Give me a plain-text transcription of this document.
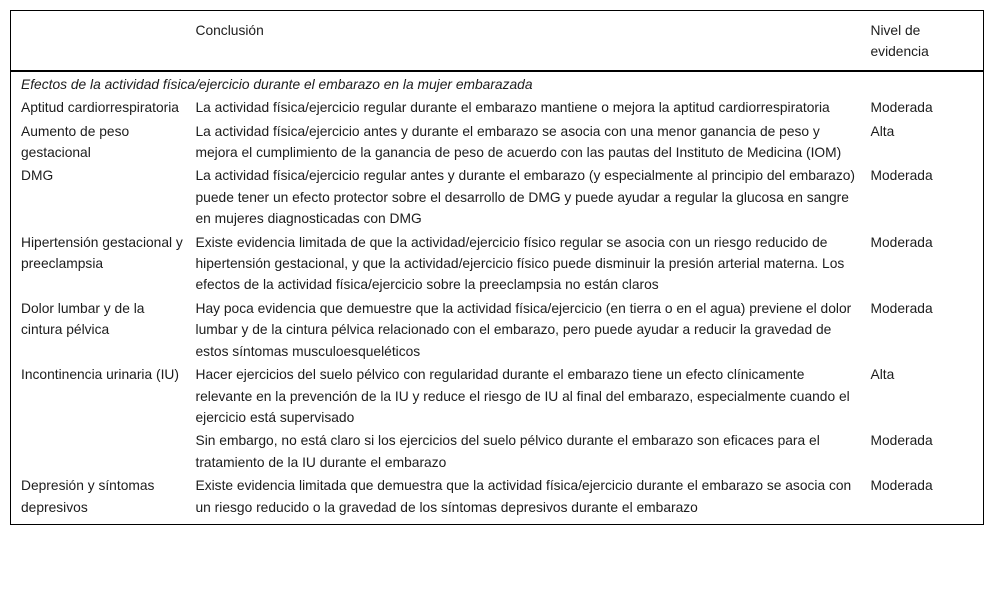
	Conclusión	Nivel de evidencia
Efectos de la actividad física/ejercicio durante el embarazo en la mujer embarazada		
Aptitud cardiorrespiratoria	La actividad física/ejercicio regular durante el embarazo mantiene o mejora la aptitud cardiorrespiratoria	Moderada
Aumento de peso gestacional	La actividad física/ejercicio antes y durante el embarazo se asocia con una menor ganancia de peso y mejora el cumplimiento de la ganancia de peso de acuerdo con las pautas del Instituto de Medicina (IOM)	Alta
DMG	La actividad física/ejercicio regular antes y durante el embarazo (y especialmente al principio del embarazo) puede tener un efecto protector sobre el desarrollo de DMG y puede ayudar a regular la glucosa en sangre en mujeres diagnosticadas con DMG	Moderada
Hipertensión gestacional y preeclampsia	Existe evidencia limitada de que la actividad/ejercicio físico regular se asocia con un riesgo reducido de hipertensión gestacional, y que la actividad/ejercicio físico puede disminuir la presión arterial materna. Los efectos de la actividad física/ejercicio sobre la preeclampsia no están claros	Moderada
Dolor lumbar y de la cintura pélvica	Hay poca evidencia que demuestre que la actividad física/ejercicio (en tierra o en el agua) previene el dolor lumbar y de la cintura pélvica relacionado con el embarazo, pero puede ayudar a reducir la gravedad de estos síntomas musculoesqueléticos	Moderada
Incontinencia urinaria (IU)	Hacer ejercicios del suelo pélvico con regularidad durante el embarazo tiene un efecto clínicamente relevante en la prevención de la IU y reduce el riesgo de IU al final del embarazo, especialmente cuando el ejercicio está supervisado	Alta
	Sin embargo, no está claro si los ejercicios del suelo pélvico durante el embarazo son eficaces para el tratamiento de la IU durante el embarazo	Moderada
Depresión y síntomas depresivos	Existe evidencia limitada que demuestra que la actividad física/ejercicio durante el embarazo se asocia con un riesgo reducido o la gravedad de los síntomas depresivos durante el embarazo	Moderada
